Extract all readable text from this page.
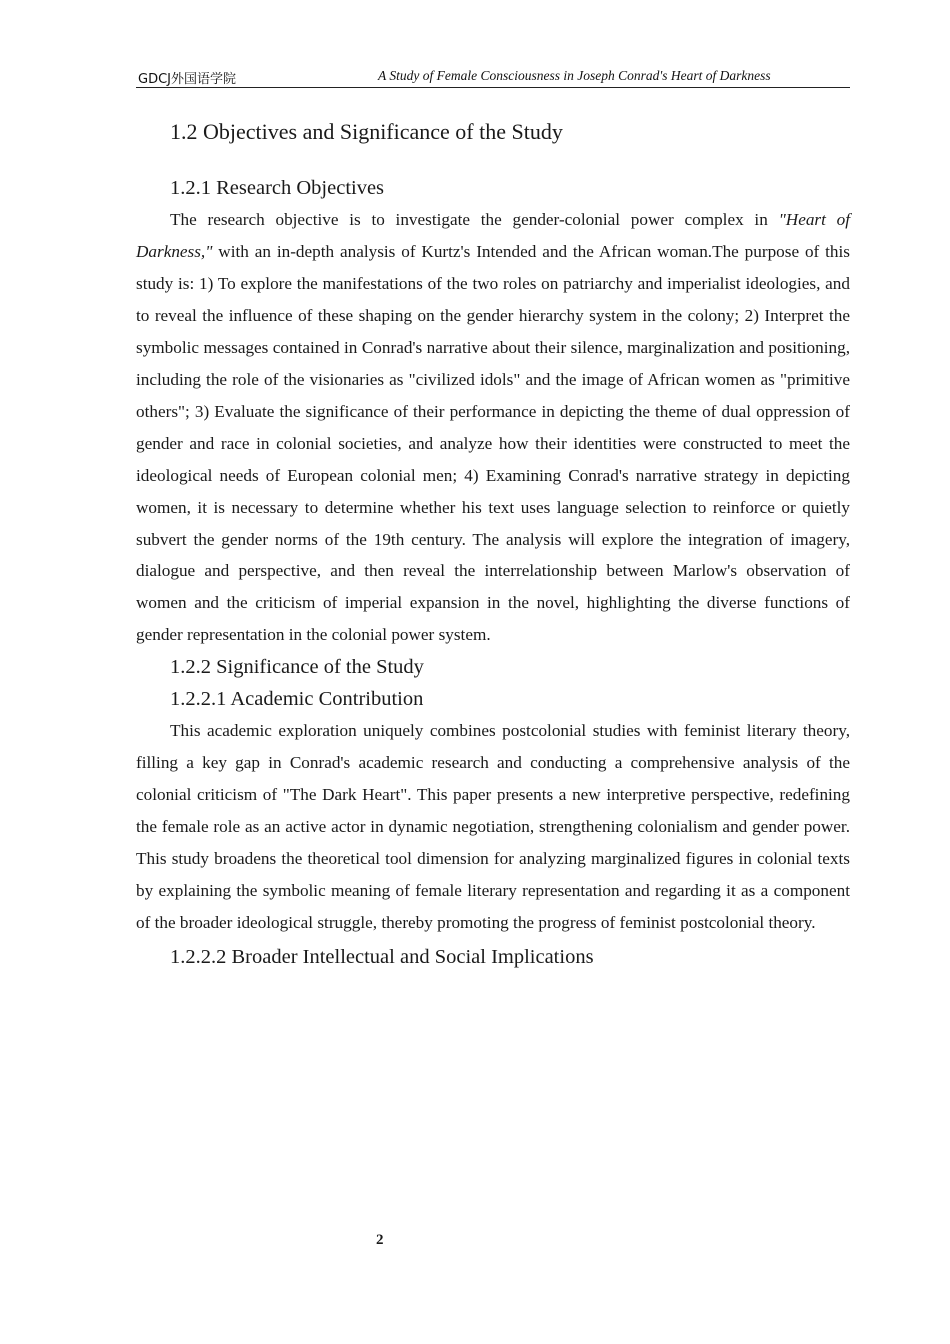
GDCJ外国语学院	A Study of Female Consciousness in Joseph Conrad's Heart of Darkness
1.2 Objectives and Significance of the Study
1.2.1 Research Objectives

The research objective is to investigate the gender-colonial power complex in "Heart of Darkness," with an in-depth analysis of Kurtz's Intended and the African woman.The purpose of this study is: 1) To explore the manifestations of the two roles on patriarchy and imperialist ideologies, and to reveal the influence of these shaping on the gender hierarchy system in the colony; 2) Interpret the symbolic messages contained in Conrad's narrative about their silence, marginalization and positioning, including the role of the visionaries as "civilized idols" and the image of African women as "primitive others"; 3) Evaluate the significance of their performance in depicting the theme of dual oppression of gender and race in colonial societies, and analyze how their identities were constructed to meet the ideological needs of European colonial men; 4) Examining Conrad's narrative strategy in depicting women, it is necessary to determine whether his text uses language selection to reinforce or quietly subvert the gender norms of the 19th century. The analysis will explore the integration of imagery, dialogue and perspective, and then reveal the interrelationship between Marlow's observation of women and the criticism of imperial expansion in the novel, highlighting the diverse functions of gender representation in the colonial power system.

1.2.2 Significance of the Study
1.2.2.1 Academic Contribution

This academic exploration uniquely combines postcolonial studies with feminist literary theory, filling a key gap in Conrad's academic research and conducting a comprehensive analysis of the colonial criticism of "The Dark Heart". This paper presents a new interpretive perspective, redefining the female role as an active actor in dynamic negotiation, strengthening colonialism and gender power. This study broadens the theoretical tool dimension for analyzing marginalized figures in colonial texts by explaining the symbolic meaning of female literary representation and regarding it as a component of the broader ideological struggle, thereby promoting the progress of feminist postcolonial theory.

1.2.2.2 Broader Intellectual and Social Implications
2
